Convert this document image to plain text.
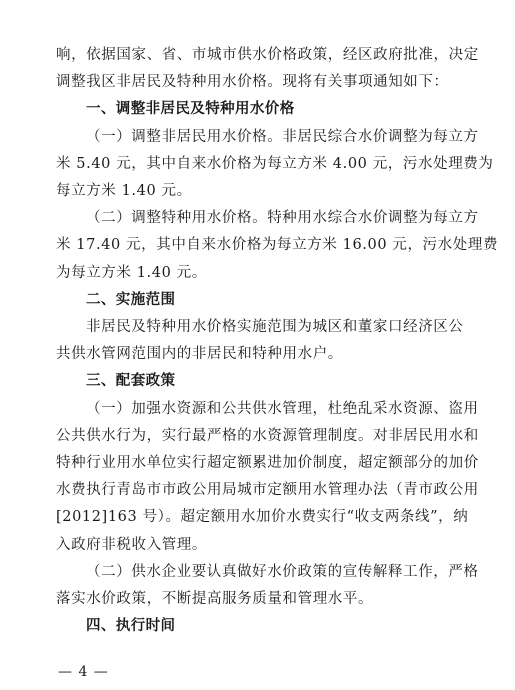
响，依据国家、省、市城市供水价格政策，经区政府批准，决定
调整我区非居民及特种用水价格。现将有关事项通知如下：
一、调整非居民及特种用水价格
（一）调整非居民用水价格。非居民综合水价调整为每立方
米 5.40 元，其中自来水价格为每立方米 4.00 元，污水处理费为
每立方米 1.40 元。
（二）调整特种用水价格。特种用水综合水价调整为每立方
米 17.40 元，其中自来水价格为每立方米 16.00 元，污水处理费
为每立方米 1.40 元。
二、实施范围
非居民及特种用水价格实施范围为城区和董家口经济区公
共供水管网范围内的非居民和特种用水户。
三、配套政策
（一）加强水资源和公共供水管理，杜绝乱采水资源、盗用
公共供水行为，实行最严格的水资源管理制度。对非居民用水和
特种行业用水单位实行超定额累进加价制度，超定额部分的加价
水费执行青岛市市政公用局城市定额用水管理办法（青市政公用
[2012]163 号）。超定额用水加价水费实行“收支两条线”，纳
入政府非税收入管理。
（二）供水企业要认真做好水价政策的宣传解释工作，严格
落实水价政策，不断提高服务质量和管理水平。
四、执行时间
— 4 —
